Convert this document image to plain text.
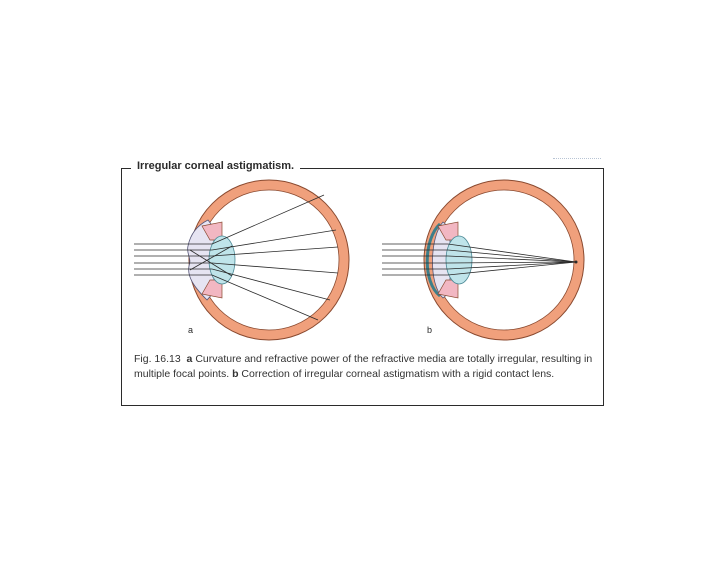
Irregular corneal astigmatism.
a	b
Fig. 16.13 a Curvature and refractive power of the refractive media are totally irregular, resulting in multiple focal points. b Correction of irregular corneal astigmatism with a rigid contact lens.
